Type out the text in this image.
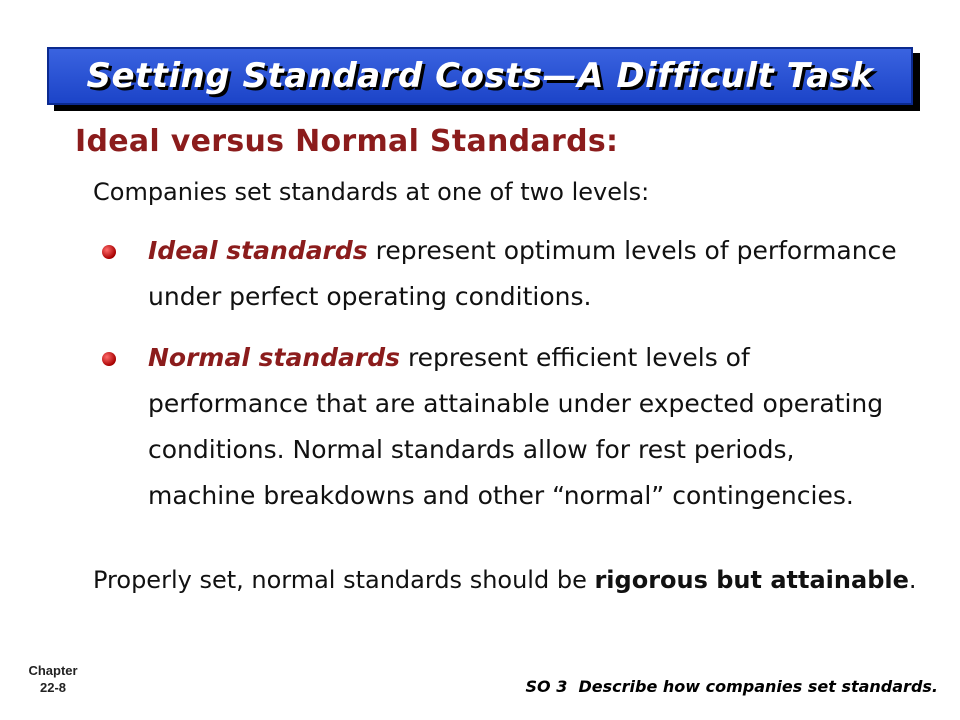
Setting Standard Costs—A Difficult Task
Ideal versus Normal Standards:
Companies set standards at one of two levels:
Ideal standards represent optimum levels of performance under perfect operating conditions.
Normal standards represent efficient levels of performance that are attainable under expected operating conditions. Normal standards allow for rest periods, machine breakdowns and other “normal” contingencies.
Properly set, normal standards should be rigorous but attainable.
Chapter
22-8	SO 3  Describe how companies set standards.
